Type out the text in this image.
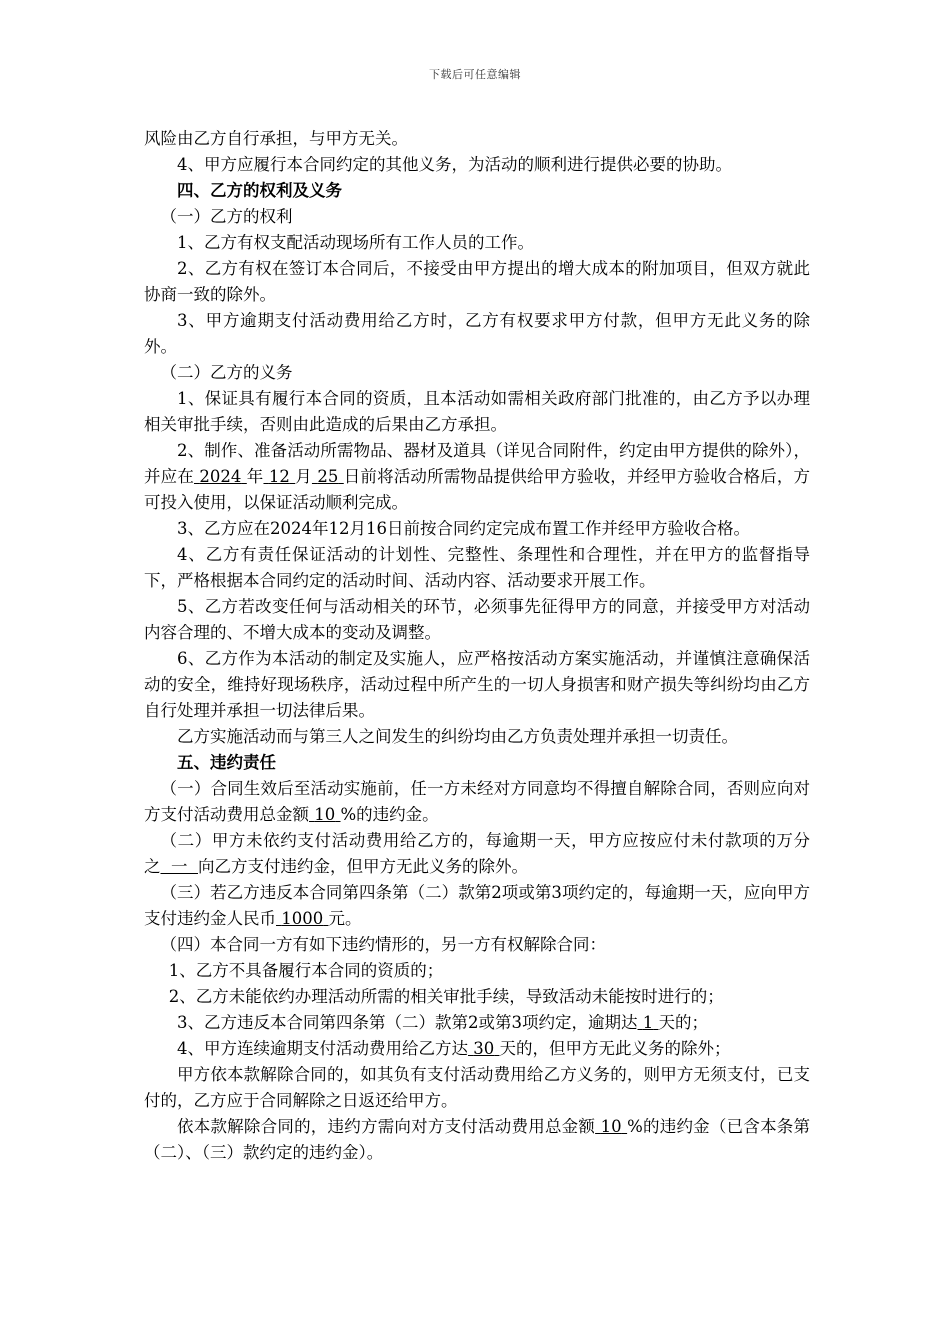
下载后可任意编辑

风险由乙方自行承担，与甲方无关。

4、甲方应履行本合同约定的其他义务，为活动的顺利进行提供必要的协助。

四、乙方的权利及义务

（一）乙方的权利

1、乙方有权支配活动现场所有工作人员的工作。

2、乙方有权在签订本合同后，不接受由甲方提出的增大成本的附加项目，但双方就此协商一致的除外。

3、甲方逾期支付活动费用给乙方时，乙方有权要求甲方付款，但甲方无此义务的除外。

（二）乙方的义务

1、保证具有履行本合同的资质，且本活动如需相关政府部门批准的，由乙方予以办理相关审批手续，否则由此造成的后果由乙方承担。

2、制作、准备活动所需物品、器材及道具（详见合同附件，约定由甲方提供的除外），并应在 2024 年 12 月 25 日前将活动所需物品提供给甲方验收，并经甲方验收合格后，方可投入使用，以保证活动顺利完成。

3、乙方应在2024年12月16日前按合同约定完成布置工作并经甲方验收合格。

4、乙方有责任保证活动的计划性、完整性、条理性和合理性，并在甲方的监督指导下，严格根据本合同约定的活动时间、活动内容、活动要求开展工作。

5、乙方若改变任何与活动相关的环节，必须事先征得甲方的同意，并接受甲方对活动内容合理的、不增大成本的变动及调整。

6、乙方作为本活动的制定及实施人，应严格按活动方案实施活动，并谨慎注意确保活动的安全，维持好现场秩序，活动过程中所产生的一切人身损害和财产损失等纠纷均由乙方自行处理并承担一切法律后果。

乙方实施活动而与第三人之间发生的纠纷均由乙方负责处理并承担一切责任。

五、违约责任

（一）合同生效后至活动实施前，任一方未经对方同意均不得擅自解除合同，否则应向对方支付活动费用总金额 10 %的违约金。

（二）甲方未依约支付活动费用给乙方的，每逾期一天，甲方应按应付未付款项的万分之 一 向乙方支付违约金，但甲方无此义务的除外。

（三）若乙方违反本合同第四条第（二）款第2项或第3项约定的，每逾期一天，应向甲方支付违约金人民币 1000 元。

（四）本合同一方有如下违约情形的，另一方有权解除合同：

1、乙方不具备履行本合同的资质的；

2、乙方未能依约办理活动所需的相关审批手续，导致活动未能按时进行的；

3、乙方违反本合同第四条第（二）款第2或第3项约定，逾期达 1 天的；

4、甲方连续逾期支付活动费用给乙方达 30 天的，但甲方无此义务的除外；

甲方依本款解除合同的，如其负有支付活动费用给乙方义务的，则甲方无须支付，已支付的，乙方应于合同解除之日返还给甲方。

依本款解除合同的，违约方需向对方支付活动费用总金额 10 %的违约金（已含本条第（二）、（三）款约定的违约金）。
